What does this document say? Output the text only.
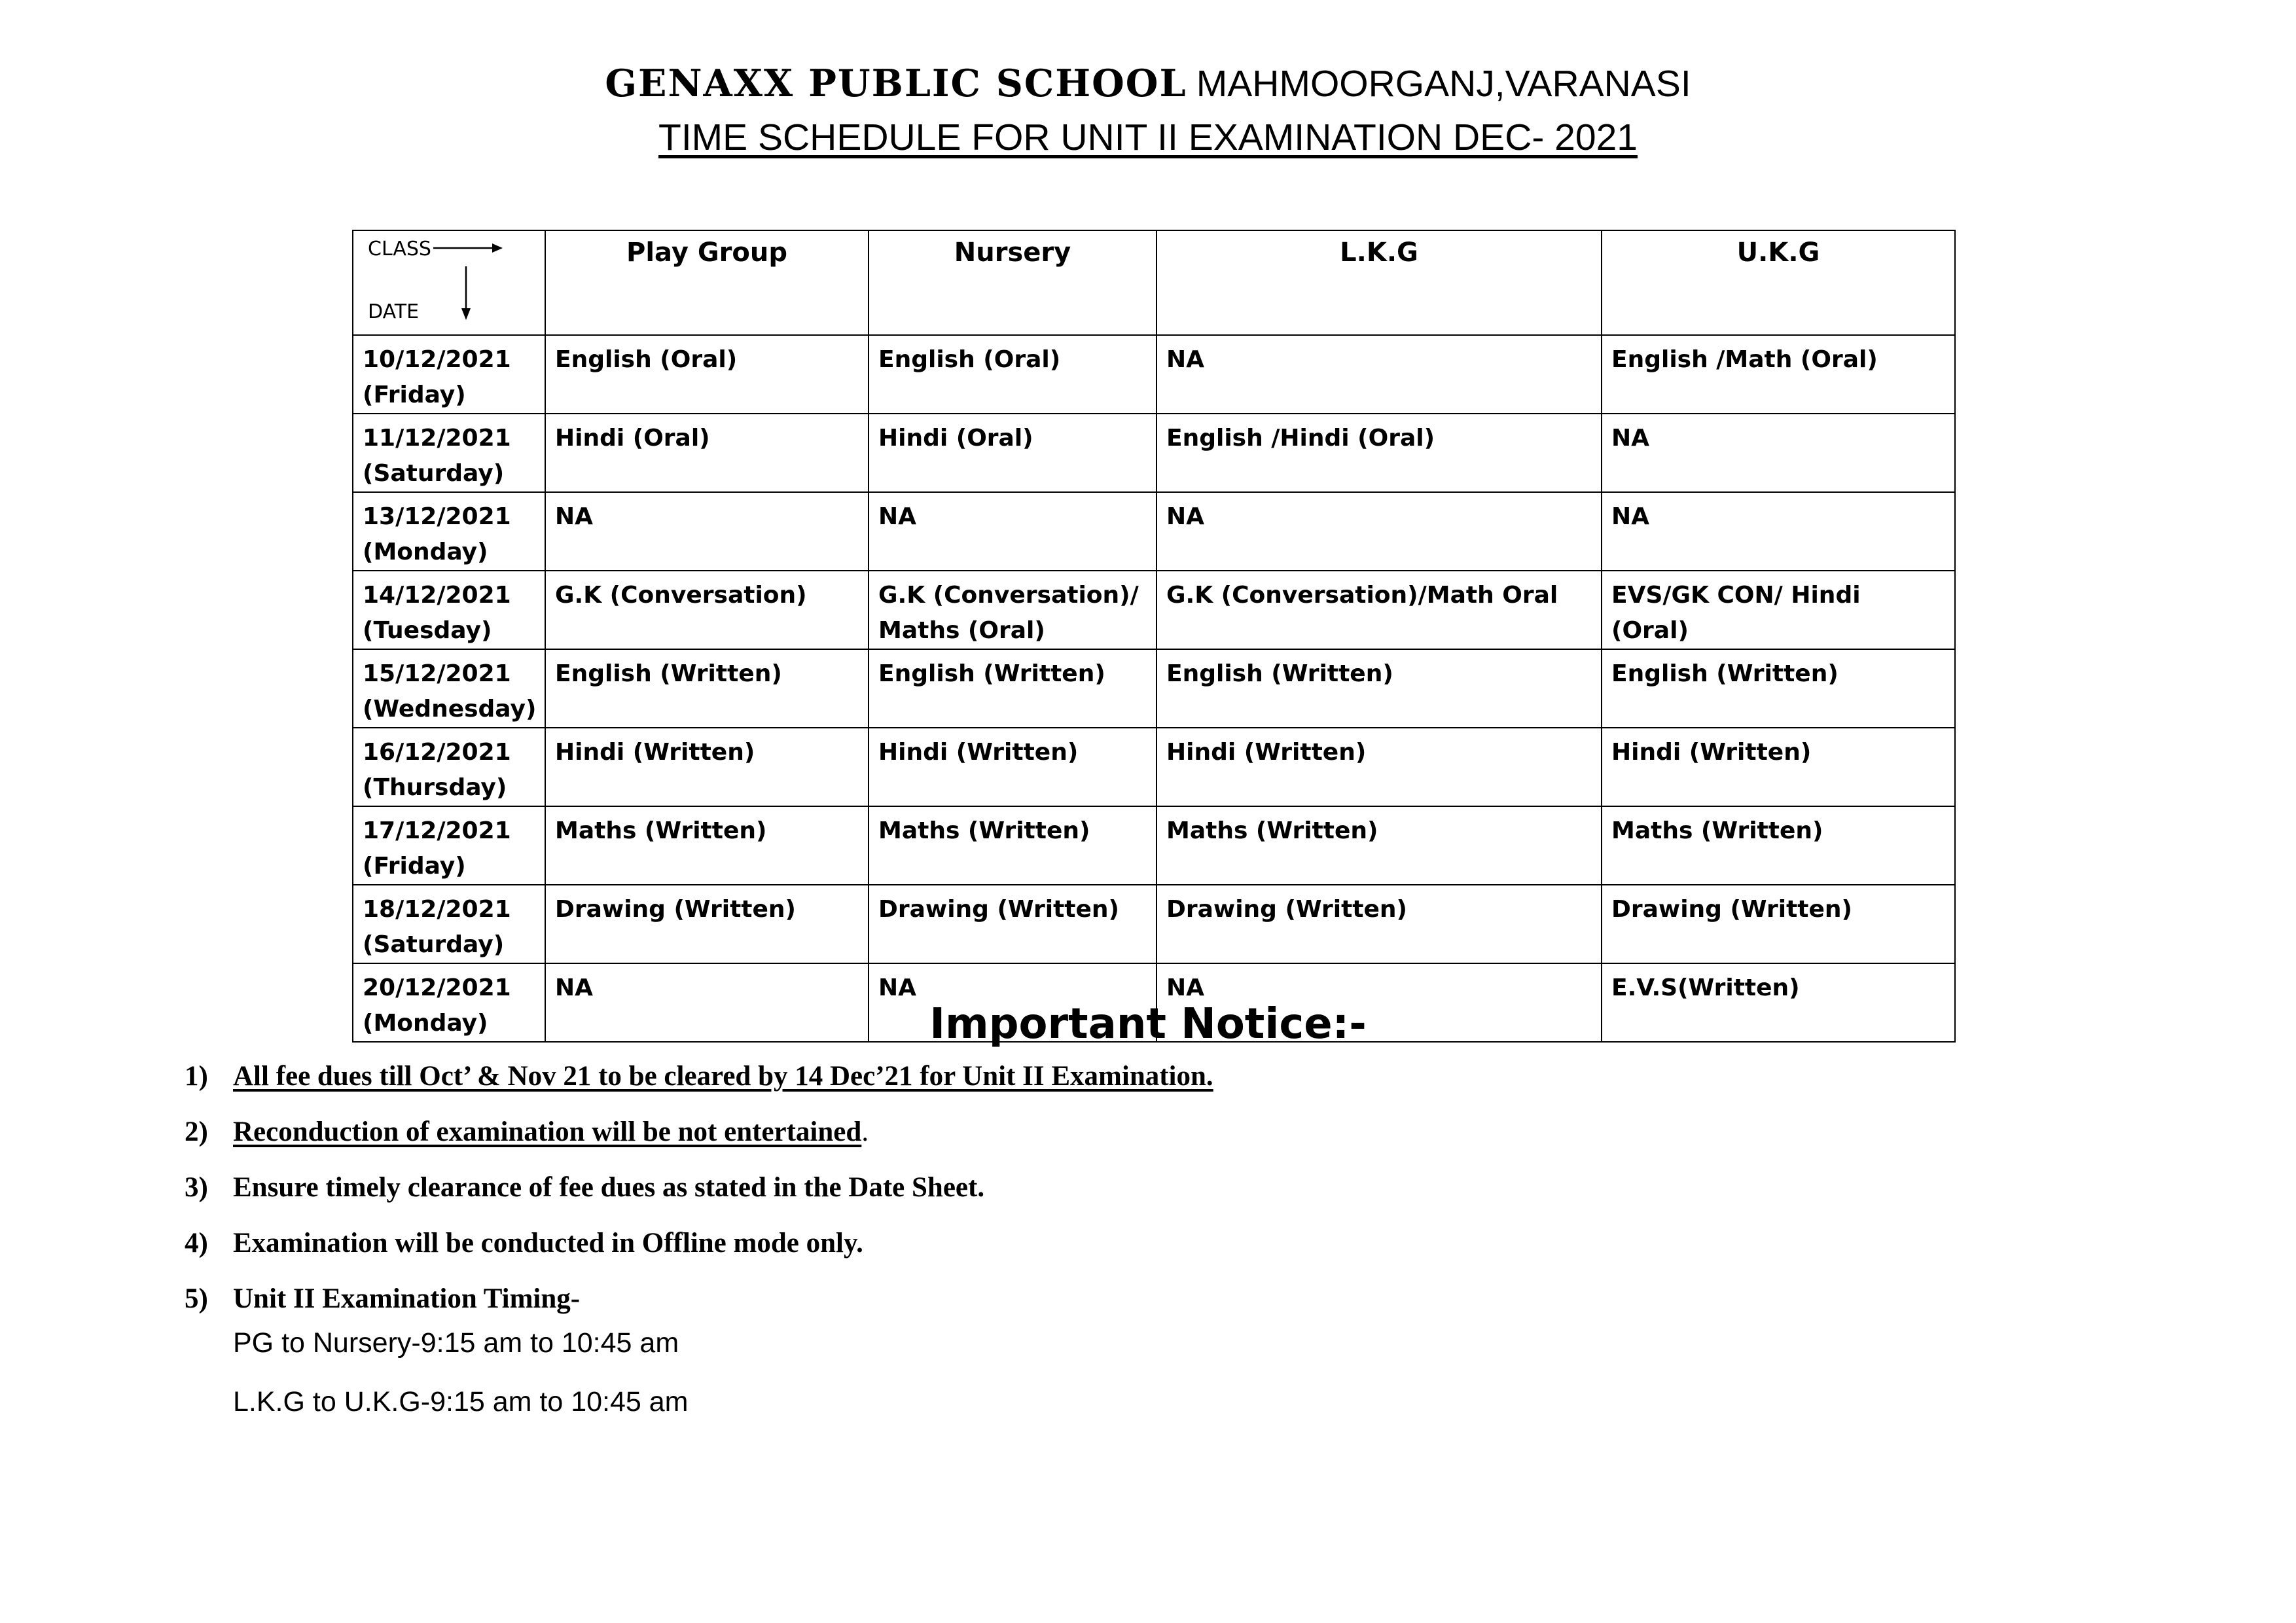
GENAXX PUBLIC SCHOOL MAHMOORGANJ,VARANASI
TIME SCHEDULE FOR UNIT II EXAMINATION DEC- 2021
CLASS
DATE	Play Group	Nursery	L.K.G	U.K.G

10/12/2021
(Friday)	English (Oral)	English (Oral)	NA	English /Math (Oral)

11/12/2021
(Saturday)	Hindi (Oral)	Hindi (Oral)	English /Hindi (Oral)	NA

13/12/2021
(Monday)	NA	NA	NA	NA

14/12/2021
(Tuesday)	G.K (Conversation)	G.K (Conversation)/ Maths (Oral)	G.K (Conversation)/Math Oral	EVS/GK CON/ Hindi (Oral)

15/12/2021
(Wednesday)	English (Written)	English (Written)	English (Written)	English (Written)

16/12/2021
(Thursday)	Hindi (Written)	Hindi (Written)	Hindi (Written)	Hindi (Written)

17/12/2021
(Friday)	Maths (Written)	Maths (Written)	Maths (Written)	Maths (Written)

18/12/2021
(Saturday)	Drawing (Written)	Drawing (Written)	Drawing (Written)	Drawing (Written)

20/12/2021
(Monday)	NA	NA	NA	E.V.S(Written)
Important Notice:-
1) All fee dues till Oct’ & Nov 21 to be cleared by 14 Dec’21 for Unit II Examination.
2) Reconduction of examination will be not entertained.
3) Ensure timely clearance of fee dues as stated in the Date Sheet.
4) Examination will be conducted in Offline mode only.
5) Unit II Examination Timing-
PG to Nursery-9:15 am to 10:45 am
L.K.G to U.K.G-9:15 am to 10:45 am
